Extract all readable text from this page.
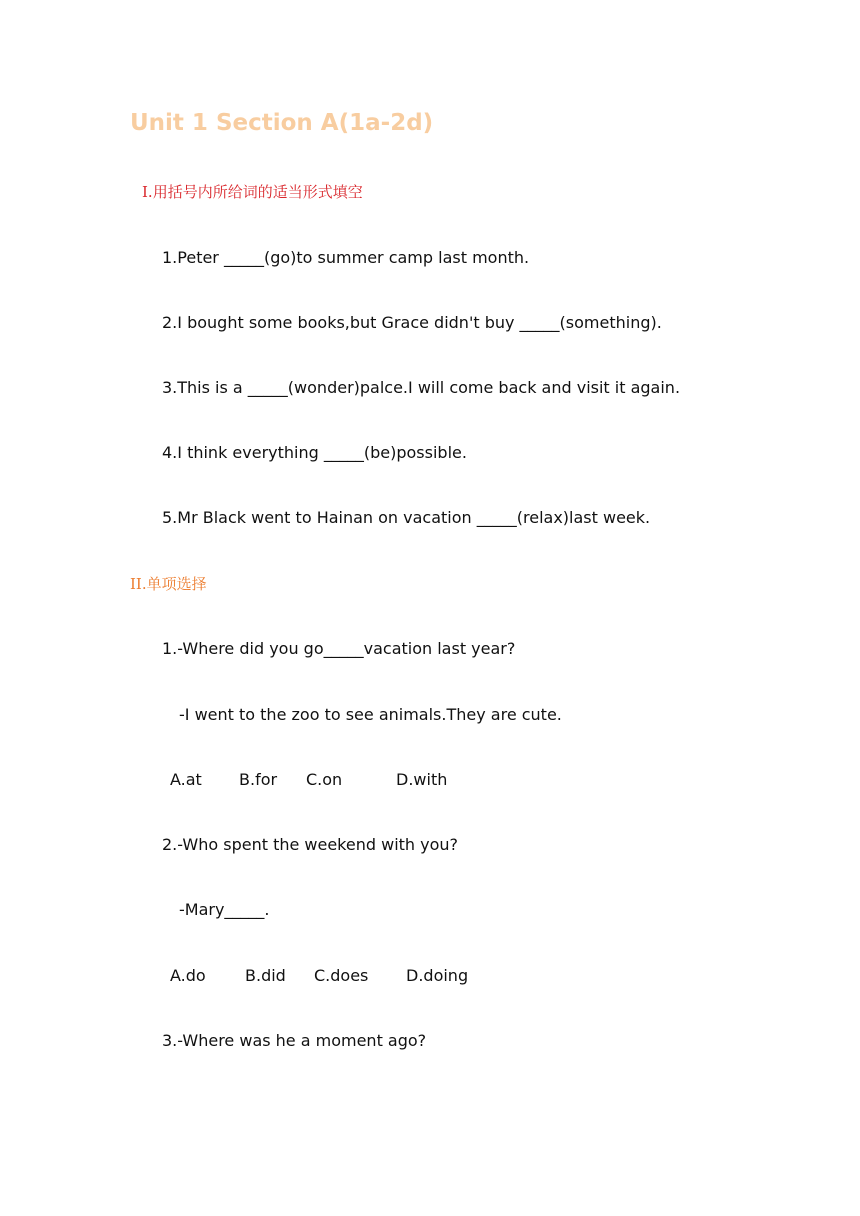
Unit 1 Section A(1a-2d)
I.用括号内所给词的适当形式填空
1.Peter _____(go)to summer camp last month.
2.I bought some books,but Grace didn't buy _____(something).
3.This is a _____(wonder)palce.I will come back and visit it again.
4.I think everything _____(be)possible.
5.Mr Black went to Hainan on vacation _____(relax)last week.
II.单项选择
1.-Where did you go_____vacation last year?
-I went to the zoo to see animals.They are cute.
A.at B.for C.on	D.with
2.-Who spent the weekend with you?
-Mary_____.
A.do B.did C.does D.doing
3.-Where was he a moment ago?
